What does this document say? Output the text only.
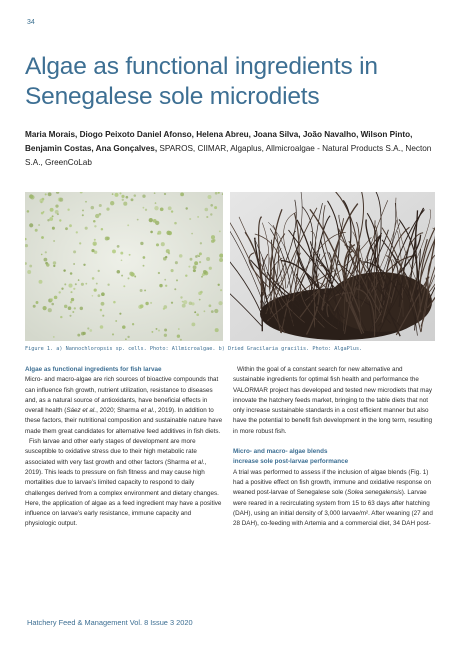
34
Algae as functional ingredients in Senegalese sole microdiets

Maria Morais, Diogo Peixoto Daniel Afonso, Helena Abreu, Joana Silva, João Navalho, Wilson Pinto, Benjamin Costas, Ana Gonçalves, SPAROS, CIIMAR, Algaplus, Allmicroalgae - Natural Products S.A., Necton S.A., GreenCoLab

Figure 1. a) Nannochloropsis sp. cells. Photo: Allmicroalgae. b) Dried Gracilaria gracilis. Photo: AlgaPlus.

Algae as functional ingredients for fish larvae

Micro- and macro-algae are rich sources of bioactive compounds that can influence fish growth, nutrient utilization, resistance to diseases and, as a natural source of antioxidants, have beneficial effects in overall health (Sáez et al., 2020; Sharma et al., 2019). In addition to these factors, their nutritional composition and sustainable nature have made them great candidates for alternative feed additives in fish diets.

Fish larvae and other early stages of development are more susceptible to oxidative stress due to their high metabolic rate associated with very fast growth and other factors (Sharma et al., 2019). This leads to pressure on fish fitness and may cause high mortalities due to larvae’s limited capacity to respond to daily challenges derived from a complex environment and dietary changes. Here, the application of algae as a feed ingredient may have a positive influence on larvae’s early resistance, immune capacity and physiologic output.

Within the goal of a constant search for new alternative and sustainable ingredients for optimal fish health and performance the VALORMAR project has developed and tested new microdiets that may innovate the hatchery feeds market, bringing to the table diets that not only increase sustainable standards in a cost efficient manner but also have the potential to benefit fish development in the long term, resulting in more robust fish.

Micro- and macro- algae blends
increase sole post-larvae performance

A trial was performed to assess if the inclusion of algae blends (Fig. 1) had a positive effect on fish growth, immune and oxidative response on weaned post-larvae of Senegalese sole (Solea senegalensis). Larvae were reared in a recirculating system from 15 to 63 days after hatching (DAH), using an initial density of 3,000 larvae/m². After weaning (27 and 28 DAH), co-feeding with Artemia and a commercial diet, 34 DAH post-

Hatchery Feed & Management Vol. 8 Issue 3 2020
